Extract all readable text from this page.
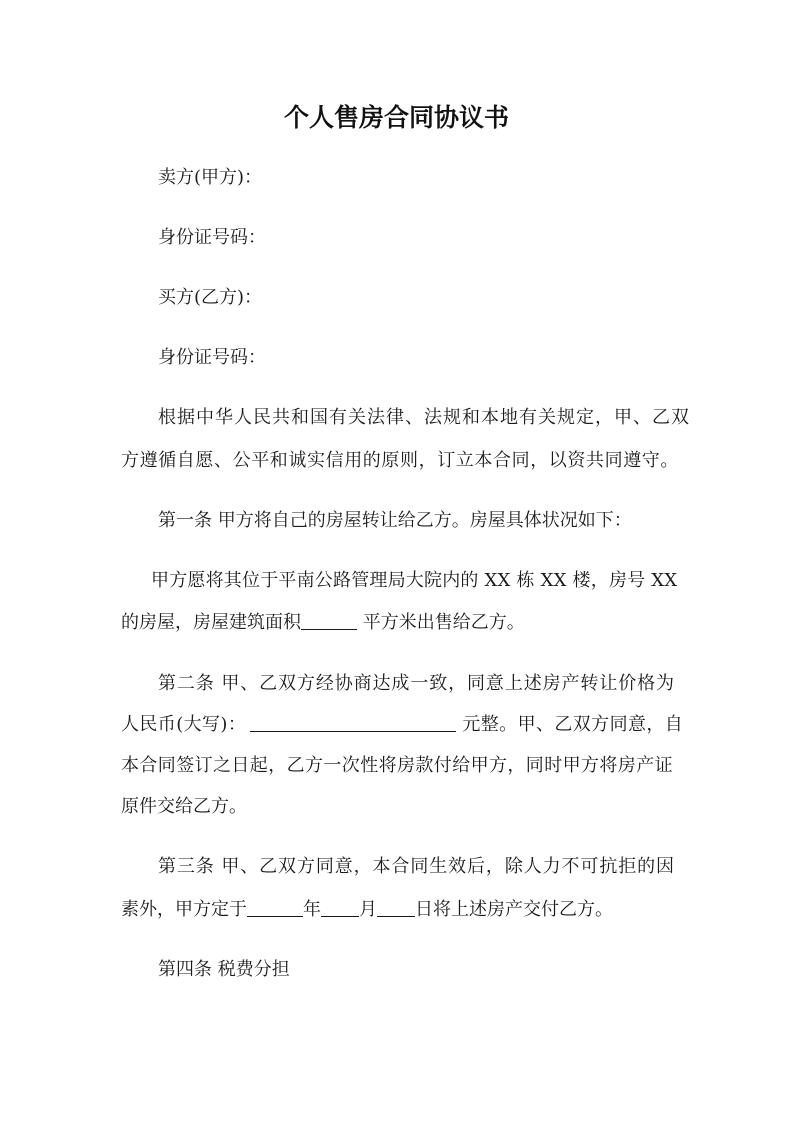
个人售房合同协议书
卖方(甲方)：
身份证号码：
买方(乙方)：
身份证号码：
根据中华人民共和国有关法律、法规和本地有关规定，甲、乙双
方遵循自愿、公平和诚实信用的原则，订立本合同，以资共同遵守。
第一条 甲方将自己的房屋转让给乙方。房屋具体状况如下：
甲方愿将其位于平南公路管理局大院内的 XX 栋 XX 楼，房号 XX
的房屋，房屋建筑面积	平方米出售给乙方。
第二条 甲、乙双方经协商达成一致，同意上述房产转让价格为
人民币(大写)：	元整。甲、乙双方同意，自
本合同签订之日起，乙方一次性将房款付给甲方，同时甲方将房产证
原件交给乙方。
第三条 甲、乙双方同意，本合同生效后，除人力不可抗拒的因
素外，甲方定于	年 月 日将上述房产交付乙方。
第四条 税费分担
